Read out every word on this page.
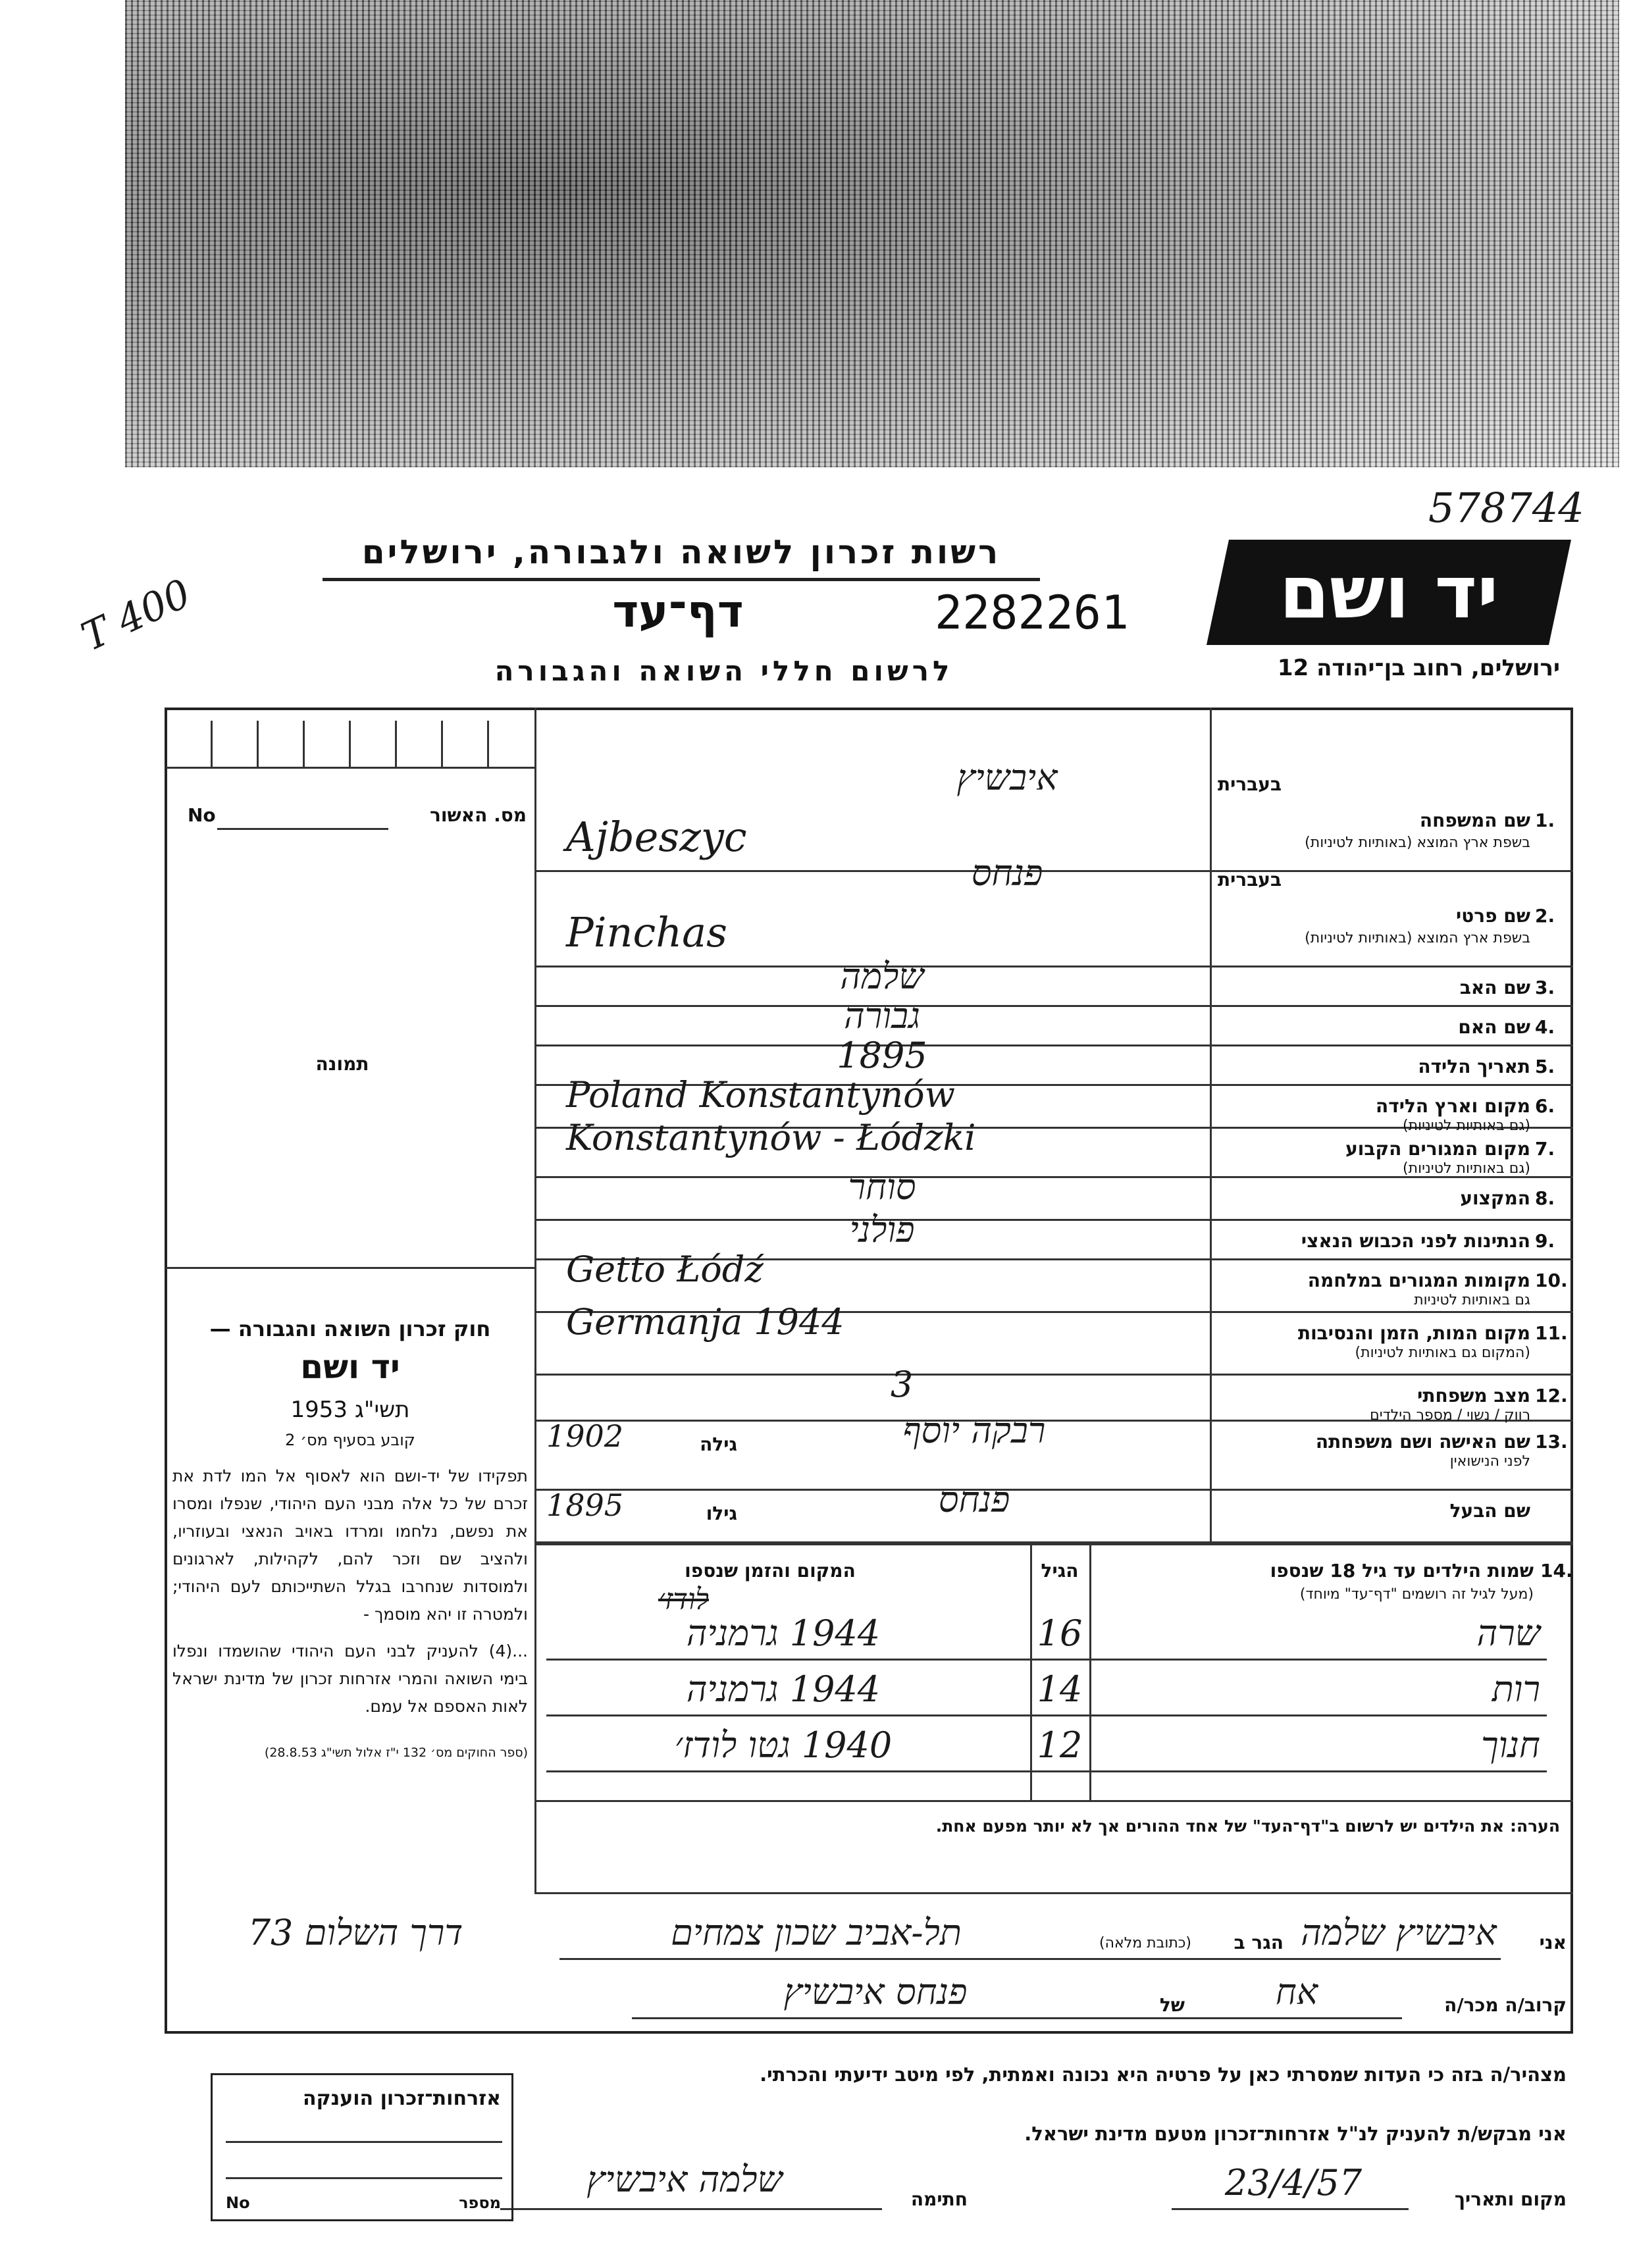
578744
T 400
רשות זכרון לשואה ולגבורה, ירושלים
דף־עד	2282261
לרשום חללי השואה והגבורה
יד ושם
ירושלים, רחוב בן־יהודה 12
מס. האשור
No
תמונה

חוק זכרון השואה והגבורה —

יד ושם

תשי"ג 1953

קובע בסעיף מס׳ 2

תפקידו של יד-ושם הוא לאסוף אל המו לדת את זכרם של כל אלה מבני העם היהודי, שנפלו ומסרו את נפשם, נלחמו ומרדו באויב הנאצי ובעוזריו, ולהציב שם וזכר להם, לקהילות, לארגונים ולמוסדות שנחרבו בגלל השתייכותם לעם היהודי; ולמטרה זו יהא מוסמך -

...(4) להעניק לבני העם היהודי שהושמדו ונפלו בימי השואה והמרי אזרחות זכרון של מדינת ישראל לאות האספם אל עמם.

(ספר החוקים מס׳ 132 י"ז אלול תשי"ג 28.8.53)

1.
בעברית
שם המשפחה
בשפת ארץ המוצא (באותיות לטיניות)
2.
בעברית
שם פרטי
בשפת ארץ המוצא (באותיות לטיניות)
3.
שם האב
4.
שם האם
5.
תאריך הלידה
6.
מקום וארץ הלידה
(גם באותיות לטיניות)
7.
מקום המגורים הקבוע
(גם באותיות לטיניות)
8.
המקצוע
9.
הנתינות לפני הכבוש הנאצי
10.
מקומות המגורים במלחמה
גם באותיות לטיניות
11.
מקום המות, הזמן והנסיבות
(המקום גם באותיות לטיניות)
12.
מצב משפחתי
רווק / נשוי / מספר הילדים
13.
שם האישה ושם משפחתה
לפני הנישואין
גילה
שם הבעל
גילו
איבשיץ
Ajbeszyc
פנחס
Pinchas
שלמה
גבורה
1895
Poland Konstantynów
Konstantynów - Łódzki
סוחר
פולני
Getto Łódź
Germanja 1944
3
רבקה יוסף
1902
פנחס
1895
14.
שמות הילדים עד גיל 18 שנספו
(מעל לגיל זה רושמים "דף־עד" מיוחד)
הגיל
המקום והזמן שנספו
לודז׳
שרה
16
1944 גרמניה
רות
14
1944 גרמניה
חנוך
12
1940 גטו לודז׳
הערה: את הילדים יש לרשום ב"דף־העד" של אחד ההורים אך לא יותר מפעם אחת.
אני
איבשיץ שלמה
הגר ב
(כתובת מלאה)
תל-אביב שכון צמחים
דרך השלום 73
קרוב/ה מכר/ה
אח
של
פנחס איבשיץ
מצהיר/ה בזה כי העדות שמסרתי כאן על פרטיה היא נכונה ואמתית, לפי מיטב ידיעתי והכרתי.
אני מבקש/ת להעניק לנ"ל אזרחות־זכרון מטעם מדינת ישראל.
מקום ותאריך
23/4/57
חתימה
שלמה איבשיץ
אזרחות־זכרון הוענקה
מספר
No
